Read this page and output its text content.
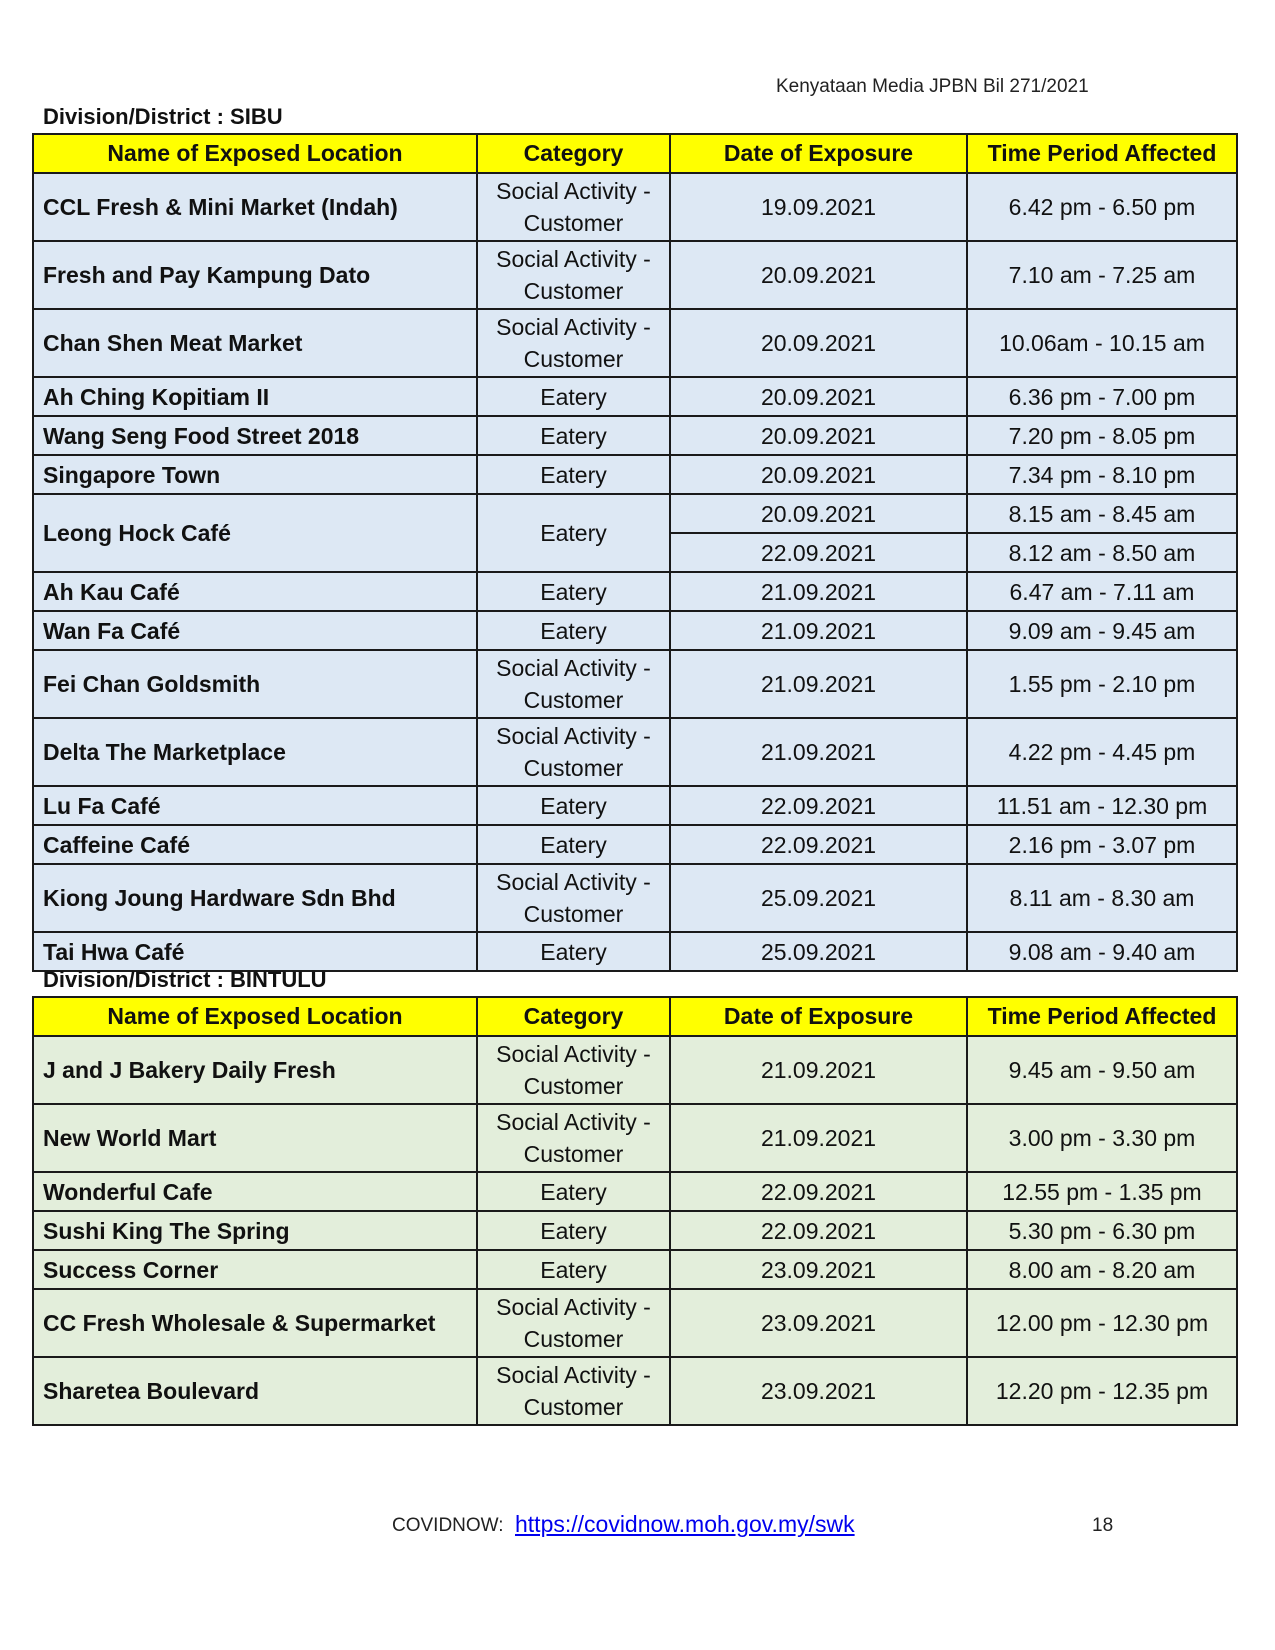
Kenyataan Media JPBN Bil 271/2021
Division/District : SIBU
Name of Exposed Location	Category	Date of Exposure	Time Period Affected
CCL Fresh & Mini Market (Indah)	Social Activity - Customer	19.09.2021	6.42 pm - 6.50 pm
Fresh and Pay Kampung Dato	Social Activity - Customer	20.09.2021	7.10 am - 7.25 am
Chan Shen Meat Market	Social Activity - Customer	20.09.2021	10.06am - 10.15 am
Ah Ching Kopitiam II	Eatery	20.09.2021	6.36 pm - 7.00 pm
Wang Seng Food Street 2018	Eatery	20.09.2021	7.20 pm - 8.05 pm
Singapore Town	Eatery	20.09.2021	7.34 pm - 8.10 pm
Leong Hock Café	Eatery	20.09.2021	8.15 am - 8.45 am
		22.09.2021	8.12 am - 8.50 am
Ah Kau Café	Eatery	21.09.2021	6.47 am - 7.11 am
Wan Fa Café	Eatery	21.09.2021	9.09 am - 9.45 am
Fei Chan Goldsmith	Social Activity - Customer	21.09.2021	1.55 pm - 2.10 pm
Delta The Marketplace	Social Activity - Customer	21.09.2021	4.22 pm - 4.45 pm
Lu Fa Café	Eatery	22.09.2021	11.51 am - 12.30 pm
Caffeine Café	Eatery	22.09.2021	2.16 pm - 3.07 pm
Kiong Joung Hardware Sdn Bhd	Social Activity - Customer	25.09.2021	8.11 am - 8.30 am
Tai Hwa Café	Eatery	25.09.2021	9.08 am - 9.40 am
Division/District : BINTULU
Name of Exposed Location	Category	Date of Exposure	Time Period Affected
J and J Bakery Daily Fresh	Social Activity - Customer	21.09.2021	9.45 am - 9.50 am
New World Mart	Social Activity - Customer	21.09.2021	3.00 pm - 3.30 pm
Wonderful Cafe	Eatery	22.09.2021	12.55 pm - 1.35 pm
Sushi King The Spring	Eatery	22.09.2021	5.30 pm - 6.30 pm
Success Corner	Eatery	23.09.2021	8.00 am - 8.20 am
CC Fresh Wholesale & Supermarket	Social Activity - Customer	23.09.2021	12.00 pm - 12.30 pm
Sharetea Boulevard	Social Activity - Customer	23.09.2021	12.20 pm - 12.35 pm
COVIDNOW: https://covidnow.moh.gov.my/swk	18
